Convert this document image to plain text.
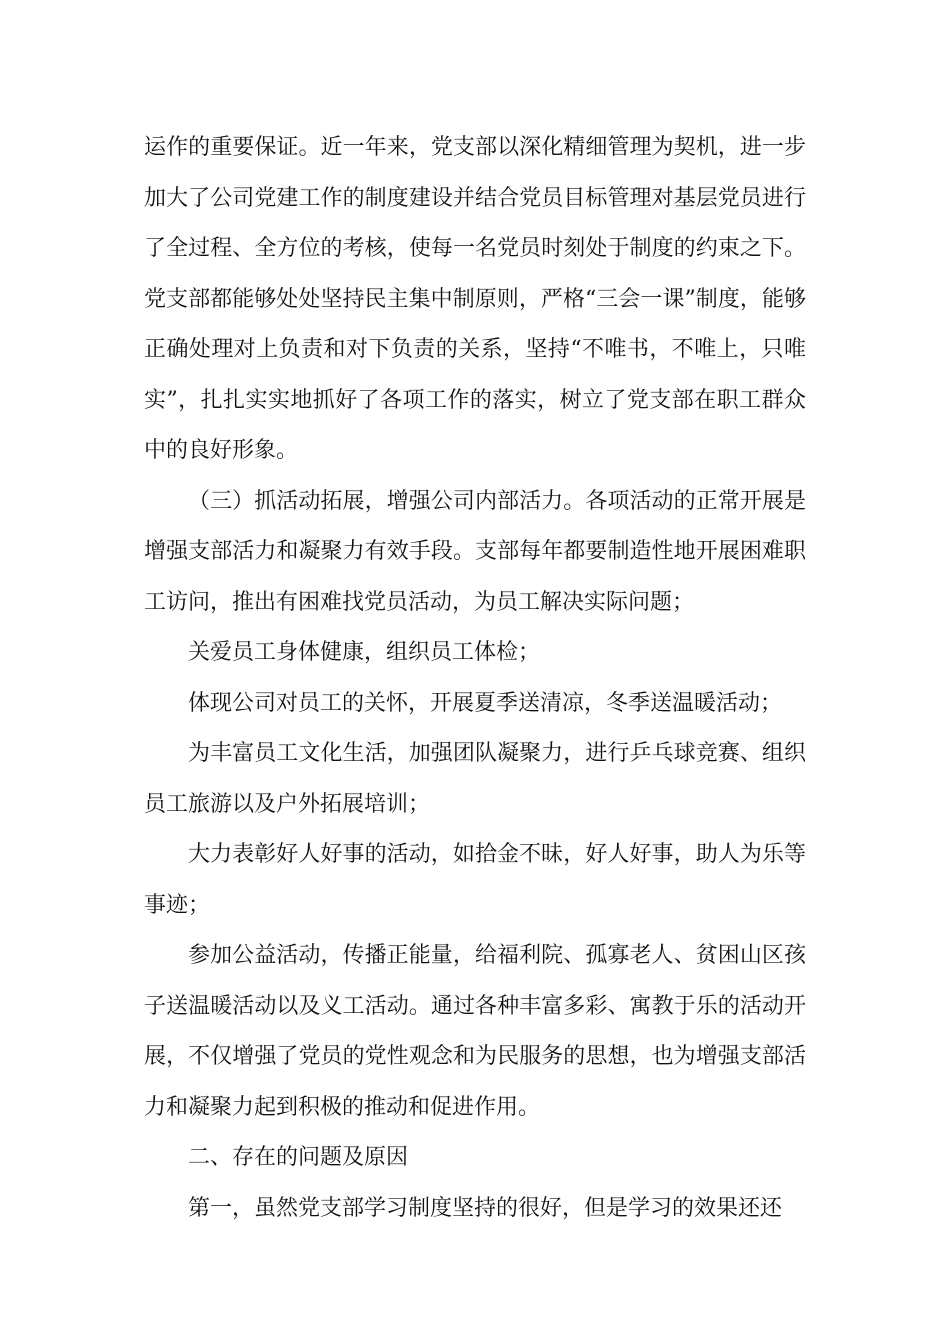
运作的重要保证。近一年来，党支部以深化精细管理为契机，进一步加大了公司党建工作的制度建设并结合党员目标管理对基层党员进行了全过程、全方位的考核，使每一名党员时刻处于制度的约束之下。党支部都能够处处坚持民主集中制原则，严格“三会一课”制度，能够正确处理对上负责和对下负责的关系，坚持“不唯书，不唯上，只唯实”，扎扎实实地抓好了各项工作的落实，树立了党支部在职工群众中的良好形象。

（三）抓活动拓展，增强公司内部活力。各项活动的正常开展是增强支部活力和凝聚力有效手段。支部每年都要制造性地开展困难职工访问，推出有困难找党员活动，为员工解决实际问题；

关爱员工身体健康，组织员工体检；

体现公司对员工的关怀，开展夏季送清凉，冬季送温暖活动；

为丰富员工文化生活，加强团队凝聚力，进行乒乓球竞赛、组织员工旅游以及户外拓展培训；

大力表彰好人好事的活动，如拾金不昧，好人好事，助人为乐等事迹；

参加公益活动，传播正能量，给福利院、孤寡老人、贫困山区孩子送温暖活动以及义工活动。通过各种丰富多彩、寓教于乐的活动开展，不仅增强了党员的党性观念和为民服务的思想，也为增强支部活力和凝聚力起到积极的推动和促进作用。

二、存在的问题及原因

第一，虽然党支部学习制度坚持的很好，但是学习的效果还还
